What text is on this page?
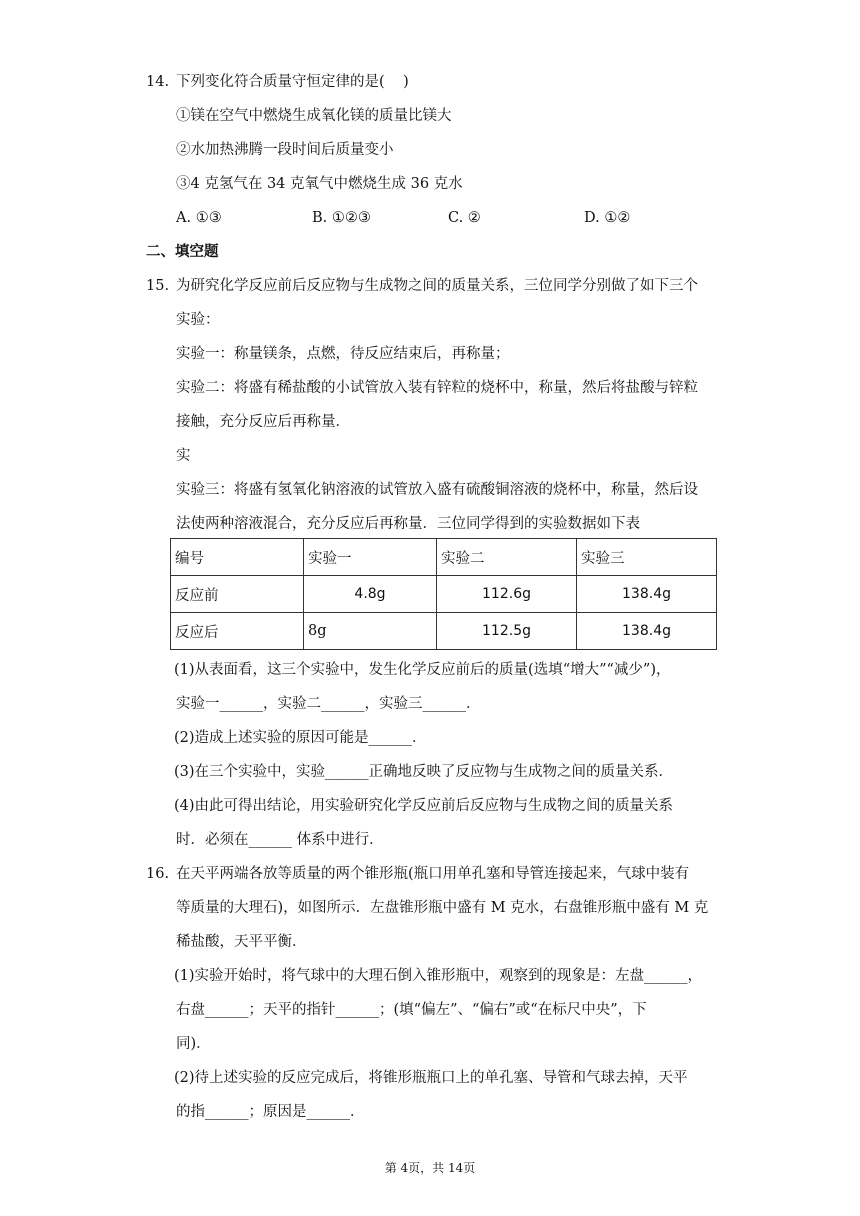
14. 下列变化符合质量守恒定律的是(    )
①镁在空气中燃烧生成氧化镁的质量比镁大
②水加热沸腾一段时间后质量变小
③4 克氢气在 34 克氧气中燃烧生成 36 克水
A. ①③	B. ①②③	C. ②	D. ①②
二、填空题
15. 为研究化学反应前后反应物与生成物之间的质量关系，三位同学分别做了如下三个
实验：
实验一：称量镁条，点燃，待反应结束后，再称量；
实验二：将盛有稀盐酸的小试管放入装有锌粒的烧杯中，称量，然后将盐酸与锌粒
接触，充分反应后再称量．
实
实验三：将盛有氢氧化钠溶液的试管放入盛有硫酸铜溶液的烧杯中，称量，然后设
法使两种溶液混合，充分反应后再称量．三位同学得到的实验数据如下表
编号	实验一	实验二	实验三
反应前	4.8g	112.6g	138.4g
反应后	8g	112.5g	138.4g
(1)从表面看，这三个实验中，发生化学反应前后的质量(选填“增大”“减少”)，
实验一______，实验二______，实验三______．
(2)造成上述实验的原因可能是______．
(3)在三个实验中，实验______正确地反映了反应物与生成物之间的质量关系．
(4)由此可得出结论，用实验研究化学反应前后反应物与生成物之间的质量关系
时．必须在______ 体系中进行．
16. 在天平两端各放等质量的两个锥形瓶(瓶口用单孔塞和导管连接起来，气球中装有
等质量的大理石)，如图所示．左盘锥形瓶中盛有 M 克水，右盘锥形瓶中盛有 M 克
稀盐酸，天平平衡．
(1)实验开始时，将气球中的大理石倒入锥形瓶中，观察到的现象是：左盘______，
右盘______；天平的指针______；(填“偏左”、“偏右”或“在标尺中央”，下
同)．
(2)待上述实验的反应完成后，将锥形瓶瓶口上的单孔塞、导管和气球去掉，天平
的指______；原因是______．
第 4页，共 14页
